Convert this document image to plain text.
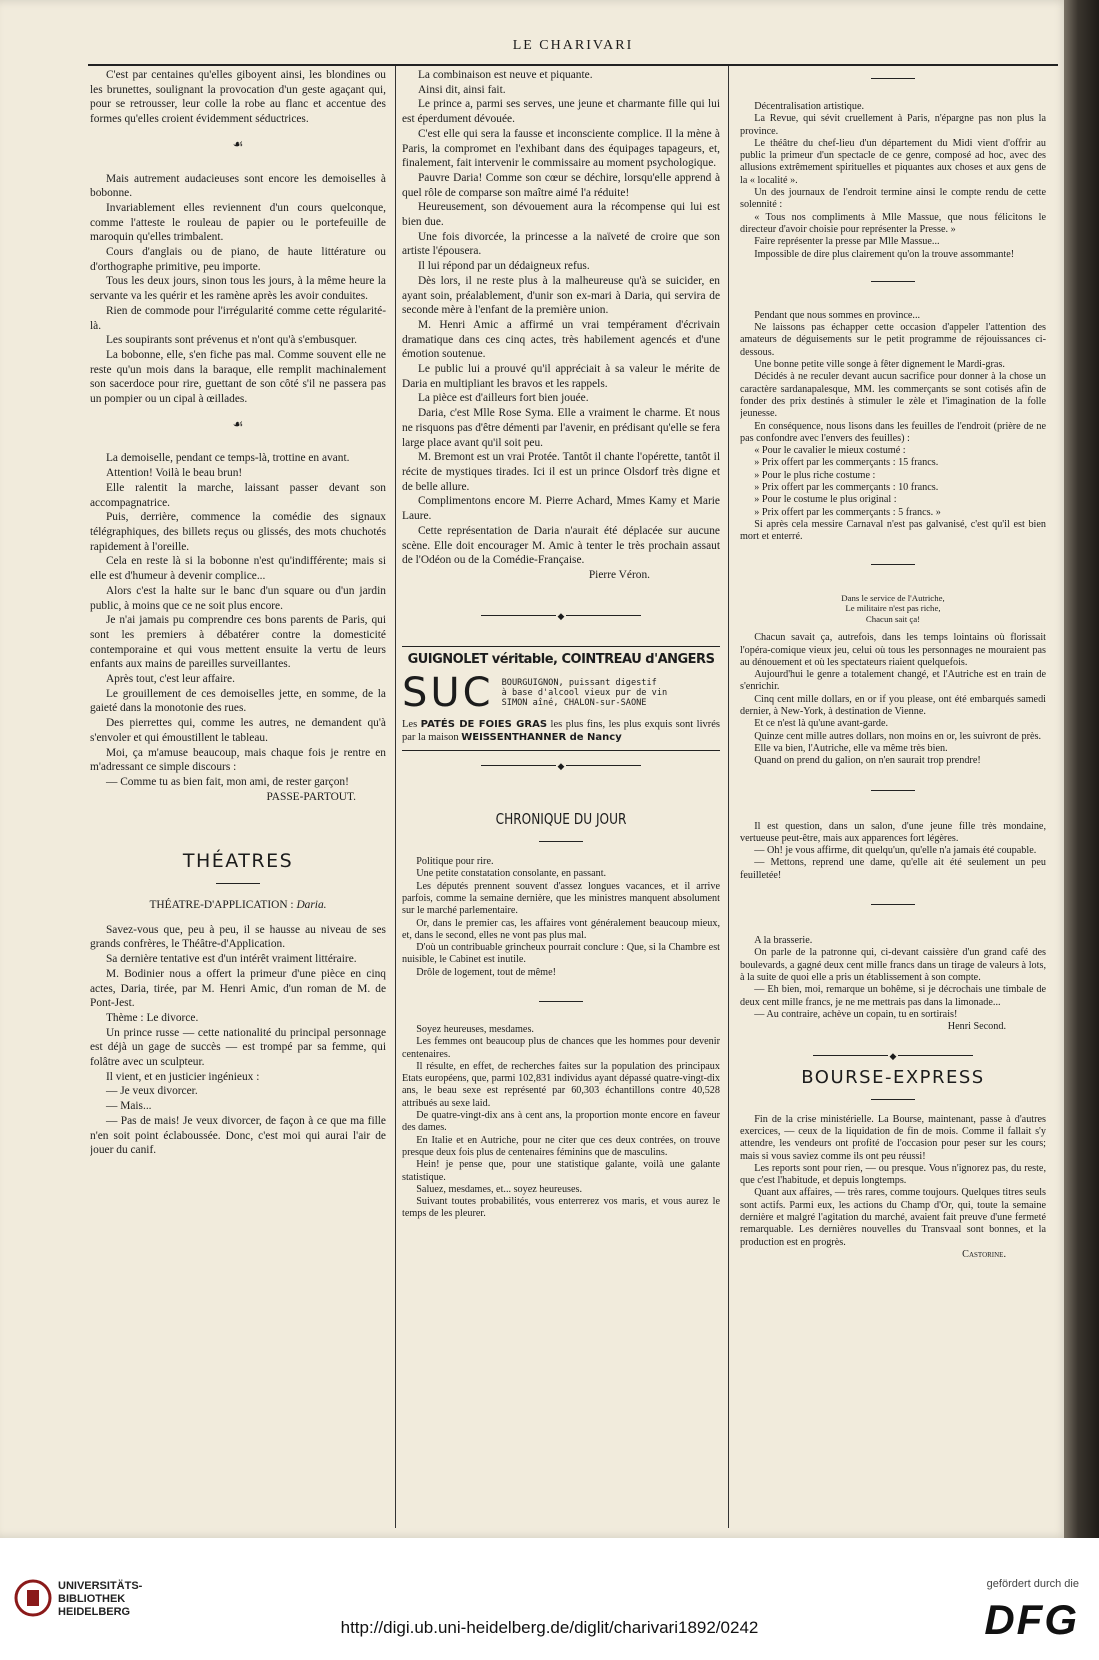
LE CHARIVARI

C'est par centaines qu'elles giboyent ainsi, les blondines ou les brunettes, soulignant la provocation d'un geste agaçant qui, pour se retrousser, leur colle la robe au flanc et accentue des formes qu'elles croient évidemment séductrices.

☙

Mais autrement audacieuses sont encore les demoiselles à bobonne.

Invariablement elles reviennent d'un cours quelconque, comme l'atteste le rouleau de papier ou le portefeuille de maroquin qu'elles trimbalent.

Cours d'anglais ou de piano, de haute littérature ou d'orthographe primitive, peu importe.

Tous les deux jours, sinon tous les jours, à la même heure la servante va les quérir et les ramène après les avoir conduites.

Rien de commode pour l'irrégularité comme cette régularité-là.

Les soupirants sont prévenus et n'ont qu'à s'embusquer.

La bobonne, elle, s'en fiche pas mal. Comme souvent elle ne reste qu'un mois dans la baraque, elle remplit machinalement son sacerdoce pour rire, guettant de son côté s'il ne passera pas un pompier ou un cipal à œillades.

☙

La demoiselle, pendant ce temps-là, trottine en avant.

Attention! Voilà le beau brun!

Elle ralentit la marche, laissant passer devant son accompagnatrice.

Puis, derrière, commence la comédie des signaux télégraphiques, des billets reçus ou glissés, des mots chuchotés rapidement à l'oreille.

Cela en reste là si la bobonne n'est qu'indifférente; mais si elle est d'humeur à devenir complice...

Alors c'est la halte sur le banc d'un square ou d'un jardin public, à moins que ce ne soit plus encore.

Je n'ai jamais pu comprendre ces bons parents de Paris, qui sont les premiers à débatérer contre la domesticité contemporaine et qui vous mettent ensuite la vertu de leurs enfants aux mains de pareilles surveillantes.

Après tout, c'est leur affaire.

Le grouillement de ces demoiselles jette, en somme, de la gaieté dans la monotonie des rues.

Des pierrettes qui, comme les autres, ne demandent qu'à s'envoler et qui émoustillent le tableau.

Moi, ça m'amuse beaucoup, mais chaque fois je rentre en m'adressant ce simple discours :

— Comme tu as bien fait, mon ami, de rester garçon!

PASSE-PARTOUT.

THÉATRES

THÉATRE-D'APPLICATION : Daria.

Savez-vous que, peu à peu, il se hausse au niveau de ses grands confrères, le Théâtre-d'Application.

Sa dernière tentative est d'un intérêt vraiment littéraire.

M. Bodinier nous a offert la primeur d'une pièce en cinq actes, Daria, tirée, par M. Henri Amic, d'un roman de M. de Pont-Jest.

Thème : Le divorce.

Un prince russe — cette nationalité du principal personnage est déjà un gage de succès — est trompé par sa femme, qui folâtre avec un sculpteur.

Il vient, et en justicier ingénieux :

— Je veux divorcer.

— Mais...

— Pas de mais! Je veux divorcer, de façon à ce que ma fille n'en soit point éclaboussée. Donc, c'est moi qui aurai l'air de jouer du canif.

La combinaison est neuve et piquante.

Ainsi dit, ainsi fait.

Le prince a, parmi ses serves, une jeune et charmante fille qui lui est éperdument dévouée.

C'est elle qui sera la fausse et inconsciente complice. Il la mène à Paris, la compromet en l'exhibant dans des équipages tapageurs, et, finalement, fait intervenir le commissaire au moment psychologique.

Pauvre Daria! Comme son cœur se déchire, lorsqu'elle apprend à quel rôle de comparse son maître aimé l'a réduite!

Heureusement, son dévouement aura la récompense qui lui est bien due.

Une fois divorcée, la princesse a la naïveté de croire que son artiste l'épousera.

Il lui répond par un dédaigneux refus.

Dès lors, il ne reste plus à la malheureuse qu'à se suicider, en ayant soin, préalablement, d'unir son ex-mari à Daria, qui servira de seconde mère à l'enfant de la première union.

M. Henri Amic a affirmé un vrai tempérament d'écrivain dramatique dans ces cinq actes, très habilement agencés et d'une émotion soutenue.

Le public lui a prouvé qu'il appréciait à sa valeur le mérite de Daria en multipliant les bravos et les rappels.

La pièce est d'ailleurs fort bien jouée.

Daria, c'est Mlle Rose Syma. Elle a vraiment le charme. Et nous ne risquons pas d'être démenti par l'avenir, en prédisant qu'elle se fera large place avant qu'il soit peu.

M. Bremont est un vrai Protée. Tantôt il chante l'opérette, tantôt il récite de mystiques tirades. Ici il est un prince Olsdorf très digne et de belle allure.

Complimentons encore M. Pierre Achard, Mmes Kamy et Marie Laure.

Cette représentation de Daria n'aurait été déplacée sur aucune scène. Elle doit encourager M. Amic à tenter le très prochain assaut de l'Odéon ou de la Comédie-Française.

Pierre Véron.

◆
GUIGNOLET véritable, COINTREAU d'ANGERS
SUC BOURGUIGNON, puissant digestif
à base d'alcool vieux pur de vin
SIMON aîné, CHALON-sur-SAONE
Les PATÉS DE FOIES GRAS les plus fins, les plus exquis sont livrés par la maison WEISSENTHANNER de Nancy
◆
CHRONIQUE DU JOUR

Politique pour rire.

Une petite constatation consolante, en passant.

Les députés prennent souvent d'assez longues vacances, et il arrive parfois, comme la semaine dernière, que les ministres manquent absolument sur le marché parlementaire.

Or, dans le premier cas, les affaires vont généralement beaucoup mieux, et, dans le second, elles ne vont pas plus mal.

D'où un contribuable grincheux pourrait conclure : Que, si la Chambre est nuisible, le Cabinet est inutile.

Drôle de logement, tout de même!

Soyez heureuses, mesdames.

Les femmes ont beaucoup plus de chances que les hommes pour devenir centenaires.

Il résulte, en effet, de recherches faites sur la population des principaux Etats européens, que, parmi 102,831 individus ayant dépassé quatre-vingt-dix ans, le beau sexe est représenté par 60,303 échantillons contre 40,528 attribués au sexe laid.

De quatre-vingt-dix ans à cent ans, la proportion monte encore en faveur des dames.

En Italie et en Autriche, pour ne citer que ces deux contrées, on trouve presque deux fois plus de centenaires féminins que de masculins.

Hein! je pense que, pour une statistique galante, voilà une galante statistique.

Saluez, mesdames, et... soyez heureuses.

Suivant toutes probabilités, vous enterrerez vos maris, et vous aurez le temps de les pleurer.

Décentralisation artistique.

La Revue, qui sévit cruellement à Paris, n'épargne pas non plus la province.

Le théâtre du chef-lieu d'un département du Midi vient d'offrir au public la primeur d'un spectacle de ce genre, composé ad hoc, avec des allusions extrêmement spirituelles et piquantes aux choses et aux gens de la « localité ».

Un des journaux de l'endroit termine ainsi le compte rendu de cette solennité :

« Tous nos compliments à Mlle Massue, que nous félicitons le directeur d'avoir choisie pour représenter la Presse. »

Faire représenter la presse par Mlle Massue...

Impossible de dire plus clairement qu'on la trouve assommante!

Pendant que nous sommes en province...

Ne laissons pas échapper cette occasion d'appeler l'attention des amateurs de déguisements sur le petit programme de réjouissances ci-dessous.

Une bonne petite ville songe à fêter dignement le Mardi-gras.

Décidés à ne reculer devant aucun sacrifice pour donner à la chose un caractère sardanapalesque, MM. les commerçants se sont cotisés afin de fonder des prix destinés à stimuler le zèle et l'imagination de la folle jeunesse.

En conséquence, nous lisons dans les feuilles de l'endroit (prière de ne pas confondre avec l'envers des feuilles) :

« Pour le cavalier le mieux costumé :

» Prix offert par les commerçants : 15 francs.

» Pour le plus riche costume :

» Prix offert par les commerçants : 10 francs.

» Pour le costume le plus original :

» Prix offert par les commerçants : 5 francs. »

Si après cela messire Carnaval n'est pas galvanisé, c'est qu'il est bien mort et enterré.

Dans le service de l'Autriche,

Le militaire n'est pas riche,

Chacun sait ça!

Chacun savait ça, autrefois, dans les temps lointains où florissait l'opéra-comique vieux jeu, celui où tous les personnages ne mouraient pas au dénouement et où les spectateurs riaient quelquefois.

Aujourd'hui le genre a totalement changé, et l'Autriche est en train de s'enrichir.

Cinq cent mille dollars, en or if you please, ont été embarqués samedi dernier, à New-York, à destination de Vienne.

Et ce n'est là qu'une avant-garde.

Quinze cent mille autres dollars, non moins en or, les suivront de près.

Elle va bien, l'Autriche, elle va même très bien.

Quand on prend du galion, on n'en saurait trop prendre!

Il est question, dans un salon, d'une jeune fille très mondaine, vertueuse peut-être, mais aux apparences fort légères.

— Oh! je vous affirme, dit quelqu'un, qu'elle n'a jamais été coupable.

— Mettons, reprend une dame, qu'elle ait été seulement un peu feuilletée!

A la brasserie.

On parle de la patronne qui, ci-devant caissière d'un grand café des boulevards, a gagné deux cent mille francs dans un tirage de valeurs à lots, à la suite de quoi elle a pris un établissement à son compte.

— Eh bien, moi, remarque un bohême, si je décrochais une timbale de deux cent mille francs, je ne me mettrais pas dans la limonade...

— Au contraire, achève un copain, tu en sortirais!

Henri Second.

◆
BOURSE-EXPRESS

Fin de la crise ministérielle. La Bourse, maintenant, passe à d'autres exercices, — ceux de la liquidation de fin de mois. Comme il fallait s'y attendre, les vendeurs ont profité de l'occasion pour peser sur les cours; mais si vous saviez comme ils ont peu réussi!

Les reports sont pour rien, — ou presque. Vous n'ignorez pas, du reste, que c'est l'habitude, et depuis longtemps.

Quant aux affaires, — très rares, comme toujours. Quelques titres seuls sont actifs. Parmi eux, les actions du Champ d'Or, qui, toute la semaine dernière et malgré l'agitation du marché, avaient fait preuve d'une fermeté remarquable. Les dernières nouvelles du Transvaal sont bonnes, et la production est en progrès.

Castorine.

UNIVERSITÄTS-
BIBLIOTHEK
HEIDELBERG
http://digi.ub.uni-heidelberg.de/diglit/charivari1892/0242
gefördert durch die
DFG
